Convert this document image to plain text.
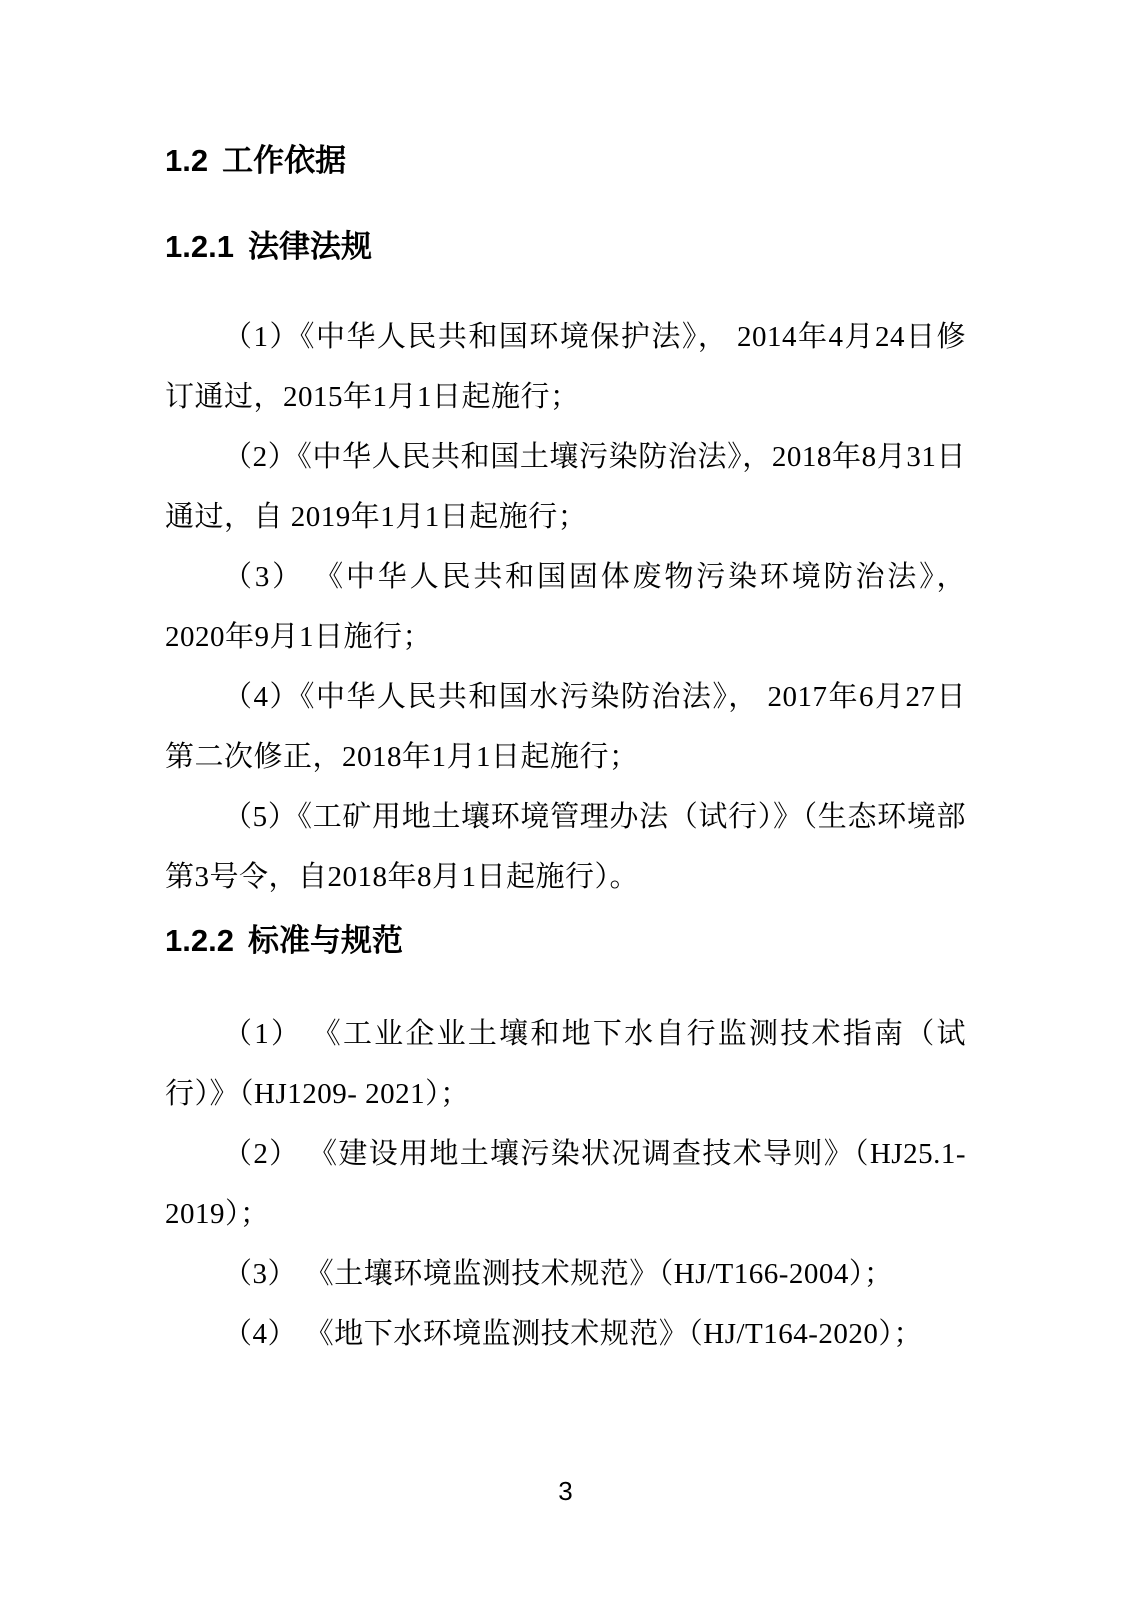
1.2 工作依据
1.2.1 法律法规

（1）《中华人民共和国环境保护法》， 2014年4月24日修订通过，2015年1月1日起施行；

（2）《中华人民共和国土壤污染防治法》，2018年8月31日通过，自 2019年1月1日起施行；

（3） 《中华人民共和国固体废物污染环境防治法》，2020年9月1日施行；

（4）《中华人民共和国水污染防治法》， 2017年6月27日第二次修正，2018年1月1日起施行；

（5）《工矿用地土壤环境管理办法（试行）》（生态环境部第3号令，自2018年8月1日起施行）。

1.2.2 标准与规范

（1） 《工业企业土壤和地下水自行监测技术指南（试行）》（HJ1209- 2021）；

（2） 《建设用地土壤污染状况调查技术导则》（HJ25.1-2019）；

（3） 《土壤环境监测技术规范》（HJ/T166-2004）；

（4） 《地下水环境监测技术规范》（HJ/T164-2020）；

3
